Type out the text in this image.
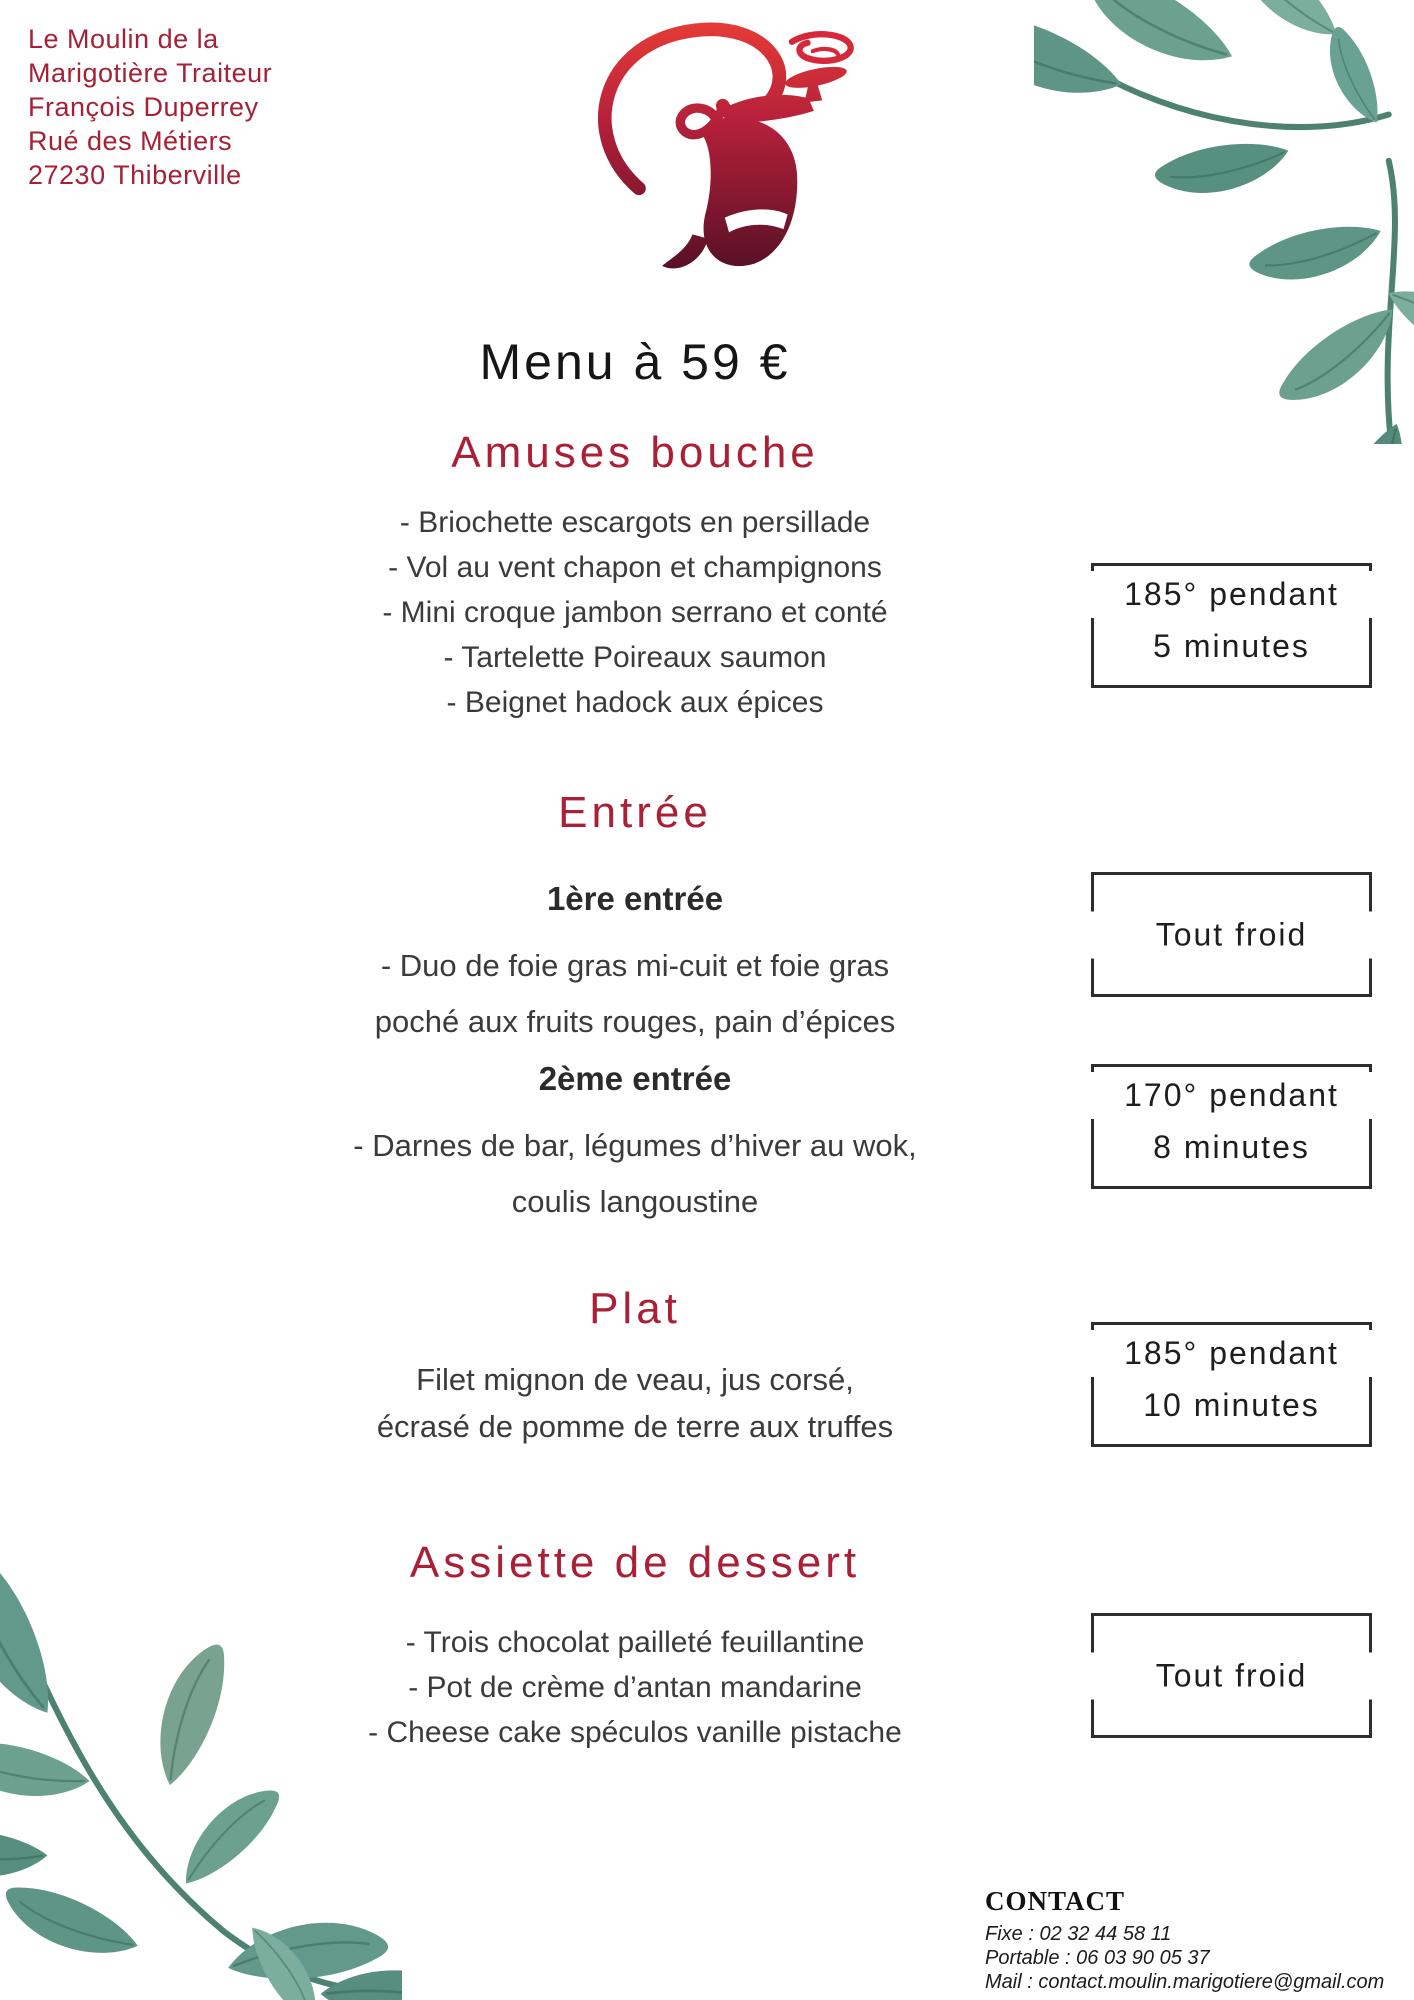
Le Moulin de la
Marigotière Traiteur
François Duperrey
Rué des Métiers
27230 Thiberville
Menu à 59 €
Amuses bouche
- Briochette escargots en persillade
- Vol au vent chapon et champignons
- Mini croque jambon serrano et conté
- Tartelette Poireaux saumon
- Beignet hadock aux épices
Entrée
1ère entrée
- Duo de foie gras mi-cuit et foie gras
poché aux fruits rouges, pain d’épices
2ème entrée
- Darnes de bar, légumes d’hiver au wok,
coulis langoustine
Plat
Filet mignon de veau, jus corsé,
écrasé de pomme de terre aux truffes
Assiette de dessert
- Trois chocolat pailleté feuillantine
- Pot de crème d’antan mandarine
- Cheese cake spéculos vanille pistache
185° pendant
5 minutes
Tout froid
170° pendant
8 minutes
185° pendant
10 minutes
Tout froid
CONTACT
Fixe : 02 32 44 58 11
Portable : 06 03 90 05 37
Mail : contact.moulin.marigotiere@gmail.com
